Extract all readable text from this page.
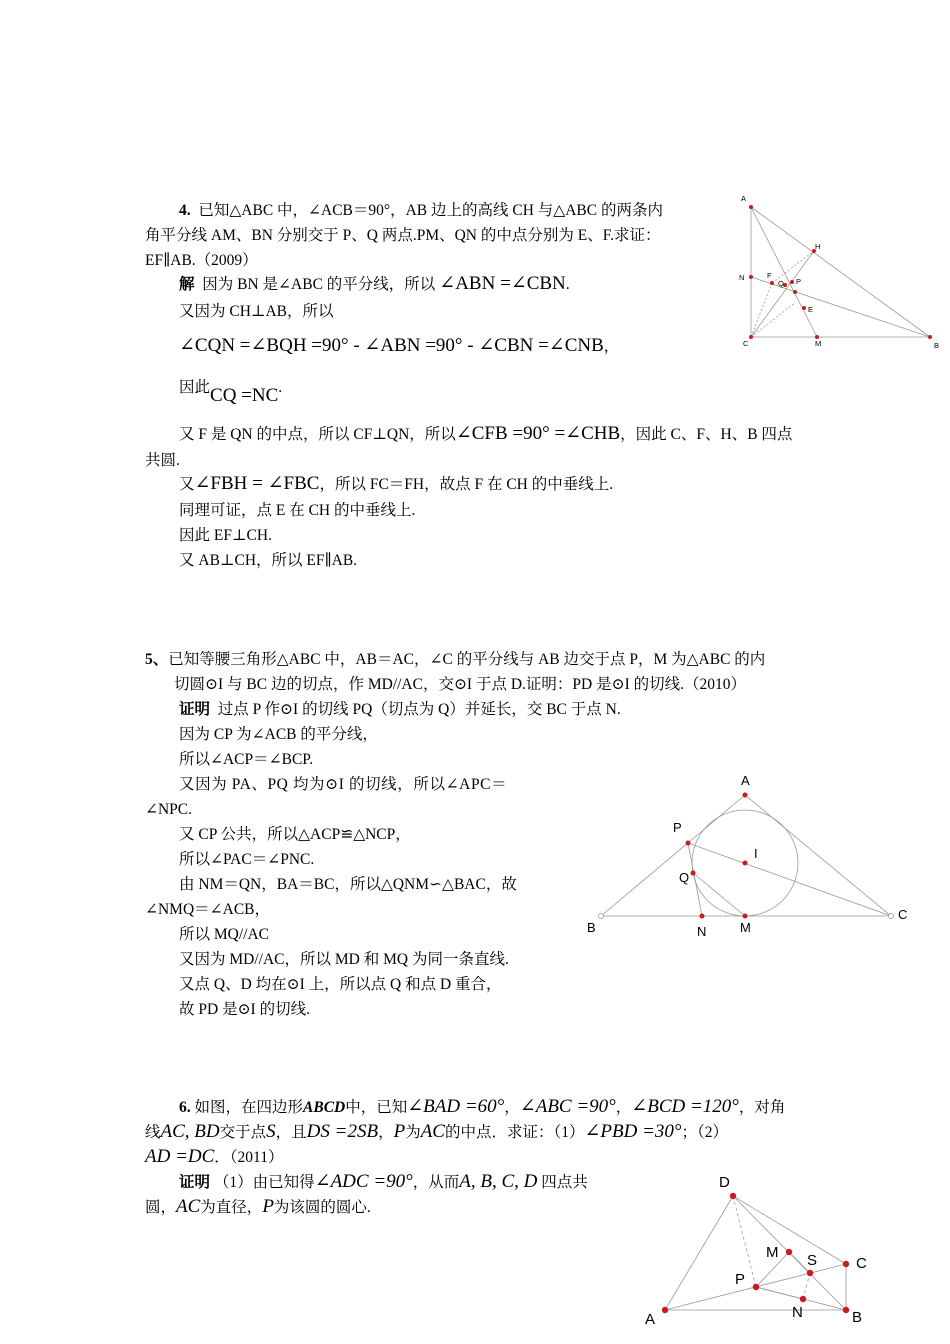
4. 已知△ABC 中，∠ACB＝90°，AB 边上的高线 CH 与△ABC 的两条内
角平分线 AM、BN 分别交于 P、Q 两点.PM、QN 的中点分别为 E、F.求证：
EF∥AB.（2009）
解 因为 BN 是∠ABC 的平分线，所以 ∠ABN =∠CBN.
又因为 CH⊥AB，所以
∠CQN =∠BQH =90° - ∠ABN =90° - ∠CBN =∠CNB，
因此CQ =NC.
又 F 是 QN 的中点，所以 CF⊥QN，所以∠CFB =90° =∠CHB，因此 C、F、H、B 四点
共圆.
又∠FBH = ∠FBC，所以 FC＝FH，故点 F 在 CH 的中垂线上.
同理可证，点 E 在 CH 的中垂线上.
因此 EF⊥CH.
又 AB⊥CH，所以 EF∥AB.
A
H
N	F
Q P
E
C	M	B
5、已知等腰三角形△ABC 中，AB＝AC，∠C 的平分线与 AB 边交于点 P，M 为△ABC 的内
切圆⊙I 与 BC 边的切点，作 MD//AC，交⊙I 于点 D.证明：PD 是⊙I 的切线.（2010）
证明 过点 P 作⊙I 的切线 PQ（切点为 Q）并延长，交 BC 于点 N.
因为 CP 为∠ACB 的平分线，
所以∠ACP＝∠BCP.
又因为 PA、PQ 均为⊙I 的切线，所以∠APC＝
∠NPC.
又 CP 公共，所以△ACP≌△NCP，
所以∠PAC＝∠PNC.
由 NM＝QN，BA＝BC，所以△QNM∽△BAC，故
∠NMQ＝∠ACB，
所以 MQ//AC
又因为 MD//AC，所以 MD 和 MQ 为同一条直线.
又点 Q、D 均在⊙I 上，所以点 Q 和点 D 重合，
故 PD 是⊙I 的切线.
A
P
I
Q
B	N	M
C
6. 如图，在四边形ABCD中，已知∠BAD =60°，∠ABC =90°，∠BCD =120°，对角
线AC, BD交于点S，且DS =2SB，P为AC的中点．求证：（1）∠PBD =30°；（2）
AD =DC．（2011）
证明 （1）由已知得∠ADC =90°，从而A, B, C, D 四点共
圆，AC为直径，P为该圆的圆心.
D
M S	C
P
N
A	B
